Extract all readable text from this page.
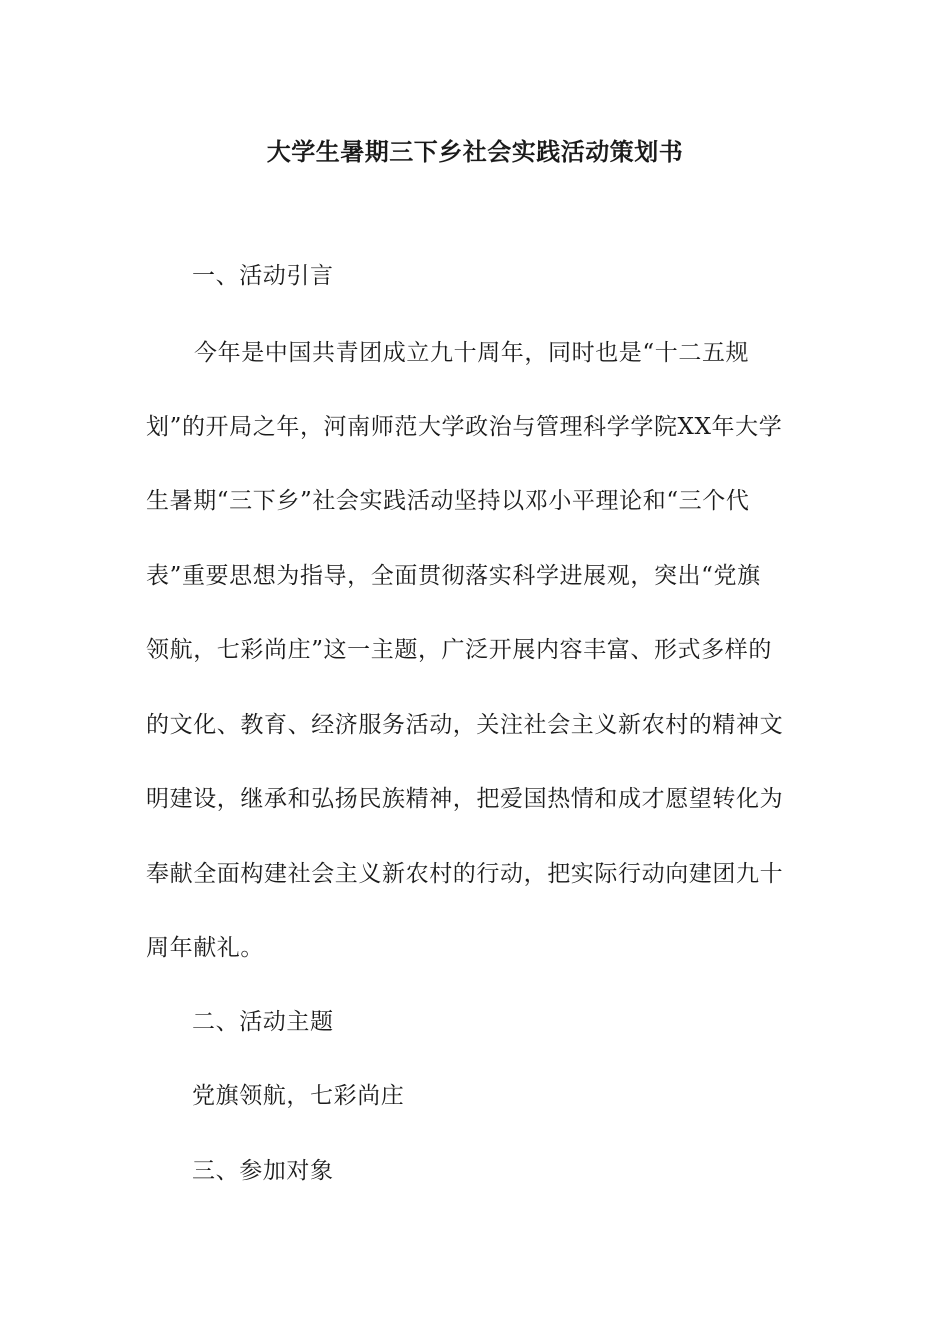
大学生暑期三下乡社会实践活动策划书
一、活动引言
今年是中国共青团成立九十周年，同时也是“十二五规
划”的开局之年，河南师范大学政治与管理科学学院XX年大学
生暑期“三下乡”社会实践活动坚持以邓小平理论和“三个代
表”重要思想为指导，全面贯彻落实科学进展观，突出“党旗
领航，七彩尚庄”这一主题，广泛开展内容丰富、形式多样的
的文化、教育、经济服务活动，关注社会主义新农村的精神文
明建设，继承和弘扬民族精神，把爱国热情和成才愿望转化为
奉献全面构建社会主义新农村的行动，把实际行动向建团九十
周年献礼。
二、活动主题
党旗领航，七彩尚庄
三、参加对象
